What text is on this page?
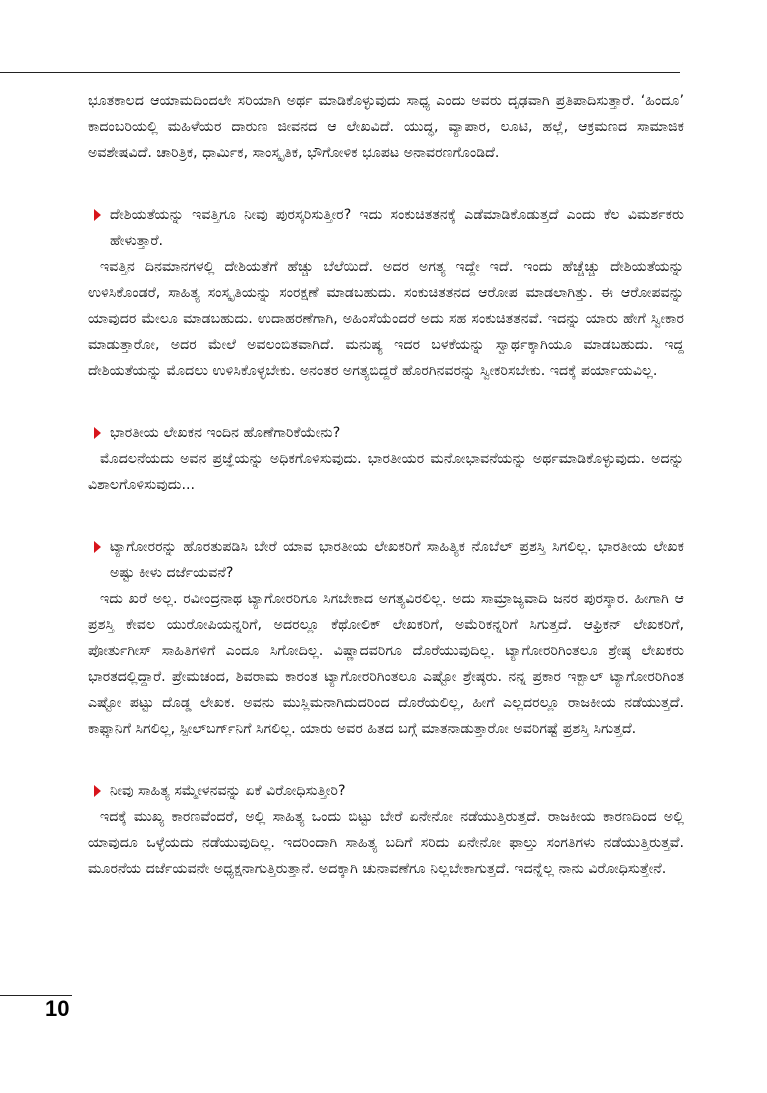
ಭೂತಕಾಲದ ಆಯಾಮದಿಂದಲೇ ಸರಿಯಾಗಿ ಅರ್ಥ ಮಾಡಿಕೊಳ್ಳುವುದು ಸಾಧ್ಯ ಎಂದು ಅವರು ದೃಢವಾಗಿ ಪ್ರತಿಪಾದಿಸುತ್ತಾರೆ. ‘ಹಿಂದೂ’ ಕಾದಂಬರಿಯಲ್ಲಿ ಮಹಿಳೆಯರ ದಾರುಣ ಜೀವನದ ಆ ಲೇಖವಿದೆ. ಯುದ್ಧ, ವ್ಯಾಪಾರ, ಲೂಟಿ, ಹಲ್ಲೆ, ಆಕ್ರಮಣದ ಸಾಮಾಜಿಕ ಅವಶೇಷವಿದೆ. ಚಾರಿತ್ರಿಕ, ಧಾರ್ಮಿಕ, ಸಾಂಸ್ಕೃತಿಕ, ಭೌಗೋಳಿಕ ಭೂಪಟ ಅನಾವರಣಗೊಂಡಿದೆ.

ದೇಶಿಯತೆಯನ್ನು ಇವತ್ತಿಗೂ ನೀವು ಪುರಸ್ಕರಿಸುತ್ತೀರ? ಇದು ಸಂಕುಚಿತತನಕ್ಕೆ ಎಡೆಮಾಡಿಕೊಡುತ್ತದೆ ಎಂದು ಕೆಲ ವಿಮರ್ಶಕರು ಹೇಳುತ್ತಾರೆ.

ಇವತ್ತಿನ ದಿನಮಾನಗಳಲ್ಲಿ ದೇಶಿಯತೆಗೆ ಹೆಚ್ಚು ಬೆಲೆಯಿದೆ. ಅದರ ಅಗತ್ಯ ಇದ್ದೇ ಇದೆ. ಇಂದು ಹೆಚ್ಚೆಚ್ಚು ದೇಶಿಯತೆಯನ್ನು ಉಳಿಸಿಕೊಂಡರೆ, ಸಾಹಿತ್ಯ ಸಂಸ್ಕೃತಿಯನ್ನು ಸಂರಕ್ಷಣೆ ಮಾಡಬಹುದು. ಸಂಕುಚಿತತನದ ಆರೋಪ ಮಾಡಲಾಗಿತ್ತು. ಈ ಆರೋಪವನ್ನು ಯಾವುದರ ಮೇಲೂ ಮಾಡಬಹುದು. ಉದಾಹರಣೆಗಾಗಿ, ಅಹಿಂಸೆಯೆಂದರೆ ಅದು ಸಹ ಸಂಕುಚಿತತನವೆ. ಇದನ್ನು ಯಾರು ಹೇಗೆ ಸ್ವೀಕಾರ ಮಾಡುತ್ತಾರೋ, ಅದರ ಮೇಲೆ ಅವಲಂಬಿತವಾಗಿದೆ. ಮನುಷ್ಯ ಇದರ ಬಳಕೆಯನ್ನು ಸ್ವಾರ್ಥಕ್ಕಾಗಿಯೂ ಮಾಡಬಹುದು. ಇದ್ದ ದೇಶಿಯತೆಯನ್ನು ಮೊದಲು ಉಳಿಸಿಕೊಳ್ಳಬೇಕು. ಅನಂತರ ಅಗತ್ಯಬಿದ್ದರೆ ಹೊರಗಿನವರನ್ನು ಸ್ವೀಕರಿಸಬೇಕು. ಇದಕ್ಕೆ ಪರ್ಯಾಯವಿಲ್ಲ.

ಭಾರತೀಯ ಲೇಖಕನ ಇಂದಿನ ಹೊಣೆಗಾರಿಕೆಯೇನು?

ಮೊದಲನೆಯದು ಅವನ ಪ್ರಜ್ಞೆಯನ್ನು ಅಧಿಕಗೊಳಿಸುವುದು. ಭಾರತೀಯರ ಮನೋಭಾವನೆಯನ್ನು ಅರ್ಥಮಾಡಿಕೊಳ್ಳುವುದು. ಅದನ್ನು ವಿಶಾಲಗೊಳಿಸುವುದು...

ಟ್ಯಾಗೋರರನ್ನು ಹೊರತುಪಡಿಸಿ ಬೇರೆ ಯಾವ ಭಾರತೀಯ ಲೇಖಕರಿಗೆ ಸಾಹಿತ್ಯಿಕ ನೊಬೆಲ್ ಪ್ರಶಸ್ತಿ ಸಿಗಲಿಲ್ಲ. ಭಾರತೀಯ ಲೇಖಕ ಅಷ್ಟು ಕೀಳು ದರ್ಜೆಯವನೆ?

ಇದು ಖರೆ ಅಲ್ಲ. ರವೀಂದ್ರನಾಥ ಟ್ಯಾಗೋರರಿಗೂ ಸಿಗಬೇಕಾದ ಅಗತ್ಯವಿರಲಿಲ್ಲ. ಅದು ಸಾಮ್ರಾಜ್ಯವಾದಿ ಜನರ ಪುರಸ್ಕಾರ. ಹೀಗಾಗಿ ಆ ಪ್ರಶಸ್ತಿ ಕೇವಲ ಯುರೋಪಿಯನ್ನರಿಗೆ, ಅದರಲ್ಲೂ ಕೆಥೋಲಿಕ್ ಲೇಖಕರಿಗೆ, ಅಮೆರಿಕನ್ನರಿಗೆ ಸಿಗುತ್ತದೆ. ಆಫ್ರಿಕನ್ ಲೇಖಕರಿಗೆ, ಪೋರ್ತುಗೀಸ್ ಸಾಹಿತಿಗಳಿಗೆ ಎಂದೂ ಸಿಗೋದಿಲ್ಲ. ವಿಷ್ಣಾದವರಿಗೂ ದೊರೆಯುವುದಿಲ್ಲ. ಟ್ಯಾಗೋರರಿಗಿಂತಲೂ ಶ್ರೇಷ್ಠ ಲೇಖಕರು ಭಾರತದಲ್ಲಿದ್ದಾರೆ. ಪ್ರೇಮಚಂದ, ಶಿವರಾಮ ಕಾರಂತ ಟ್ಯಾಗೋರರಿಗಿಂತಲೂ ಎಷ್ಟೋ ಶ್ರೇಷ್ಠರು. ನನ್ನ ಪ್ರಕಾರ ಇಕ್ಬಾಲ್ ಟ್ಯಾಗೋರರಿಗಿಂತ ಎಷ್ಟೋ ಪಟ್ಟು ದೊಡ್ಡ ಲೇಖಕ. ಅವನು ಮುಸ್ಲಿಮನಾಗಿದುದರಿಂದ ದೊರೆಯಲಿಲ್ಲ, ಹೀಗೆ ಎಲ್ಲದರಲ್ಲೂ ರಾಜಕೀಯ ನಡೆಯುತ್ತದೆ. ಕಾಫ್ಕಾನಿಗೆ ಸಿಗಲಿಲ್ಲ, ಸ್ಪೀಲ್‌ಬರ್ಗ್‌ನಿಗೆ ಸಿಗಲಿಲ್ಲ. ಯಾರು ಅವರ ಹಿತದ ಬಗ್ಗೆ ಮಾತನಾಡುತ್ತಾರೋ ಅವರಿಗಷ್ಟೆ ಪ್ರಶಸ್ತಿ ಸಿಗುತ್ತದೆ.

ನೀವು ಸಾಹಿತ್ಯ ಸಮ್ಮೇಳನವನ್ನು ಏಕೆ ವಿರೋಧಿಸುತ್ತೀರಿ?

ಇದಕ್ಕೆ ಮುಖ್ಯ ಕಾರಣವೆಂದರೆ, ಅಲ್ಲಿ ಸಾಹಿತ್ಯ ಒಂದು ಬಿಟ್ಟು ಬೇರೆ ಏನೇನೋ ನಡೆಯುತ್ತಿರುತ್ತದೆ. ರಾಜಕೀಯ ಕಾರಣದಿಂದ ಅಲ್ಲಿ ಯಾವುದೂ ಒಳ್ಳೆಯದು ನಡೆಯುವುದಿಲ್ಲ. ಇದರಿಂದಾಗಿ ಸಾಹಿತ್ಯ ಬದಿಗೆ ಸರಿದು ಏನೇನೋ ಫಾಲ್ತು ಸಂಗತಿಗಳು ನಡೆಯುತ್ತಿರುತ್ತವೆ. ಮೂರನೆಯ ದರ್ಜೆಯವನೇ ಅಧ್ಯಕ್ಷನಾಗುತ್ತಿರುತ್ತಾನೆ. ಅದಕ್ಕಾಗಿ ಚುನಾವಣೆಗೂ ನಿಲ್ಲಬೇಕಾಗುತ್ತದೆ. ಇದನ್ನೆಲ್ಲ ನಾನು ವಿರೋಧಿಸುತ್ತೇನೆ.

10
